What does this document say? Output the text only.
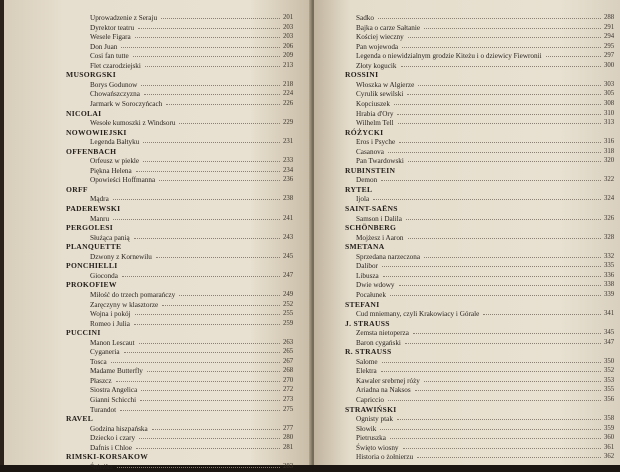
Uprowadzenie z Seraju	201
Dyrektor teatru	203
Wesele Figara	203
Don Juan	206
Cosi fan tutte	209
Flet czarodziejski	213
MUSORGSKI
Borys Godunow	218
Chowańszczyzna	224
Jarmark w Soroczyńcach	226
NICOLAI
Wesołe kumoszki z Windsoru	229
NOWOWIEJSKI
Legenda Bałtyku	231
OFFENBACH
Orfeusz w piekle	233
Piękna Helena	234
Opowieści Hoffmanna	236
ORFF
Mądra	238
PADEREWSKI
Manru	241
PERGOLESI
Służąca panią	243
PLANQUETTE
Dzwony z Kornewilu	245
PONCHIELLI
Gioconda	247
PROKOFIEW
Miłość do trzech pomarańczy	249
Zaręczyny w klasztorze	252
Wojna i pokój	255
Romeo i Julia	259
PUCCINI
Manon Lescaut	263
Cyganeria	265
Tosca	267
Madame Butterfly	268
Płaszcz	270
Siostra Angelica	272
Gianni Schicchi	273
Turandot	275
RAVEL
Godzina hiszpańska	277
Dziecko i czary	280
Dafnis i Chloe	281
RIMSKI-KORSAKOW
Śnieżka	283
Sadko	288
Bajka o carze Sałtanie	291
Kościej wieczny	294
Pan wojewoda	295
Legenda o niewidzialnym grodzie Kiteżu i o dziewicy Fiewronii	297
Złoty kogucik	300
ROSSINI
Włoszka w Algierze	303
Cyrulik sewilski	305
Kopciuszek	308
Hrabia d'Ory	310
Wilhelm Tell	313
RÓŻYCKI
Eros i Psyche	316
Casanova	318
Pan Twardowski	320
RUBINSTEIN
Demon	322
RYTEL
Ijola	324
SAINT-SAËNS
Samson i Dalila	326
SCHÖNBERG
Mojżesz i Aaron	328
SMETANA
Sprzedana narzeczona	332
Dalibor	335
Libusza	336
Dwie wdowy	338
Pocałunek	339
STEFANI
Cud mniemany, czyli Krakowiacy i Górale	341
J. STRAUSS
Zemsta nietoperza	345
Baron cygański	347
R. STRAUSS
Salome	350
Elektra	352
Kawaler srebrnej róży	353
Ariadna na Naksos	355
Capriccio	356
STRAWIŃSKI
Ognisty ptak	358
Słowik	359
Pietruszka	360
Święto wiosny	361
Historia o żołnierzu	362
